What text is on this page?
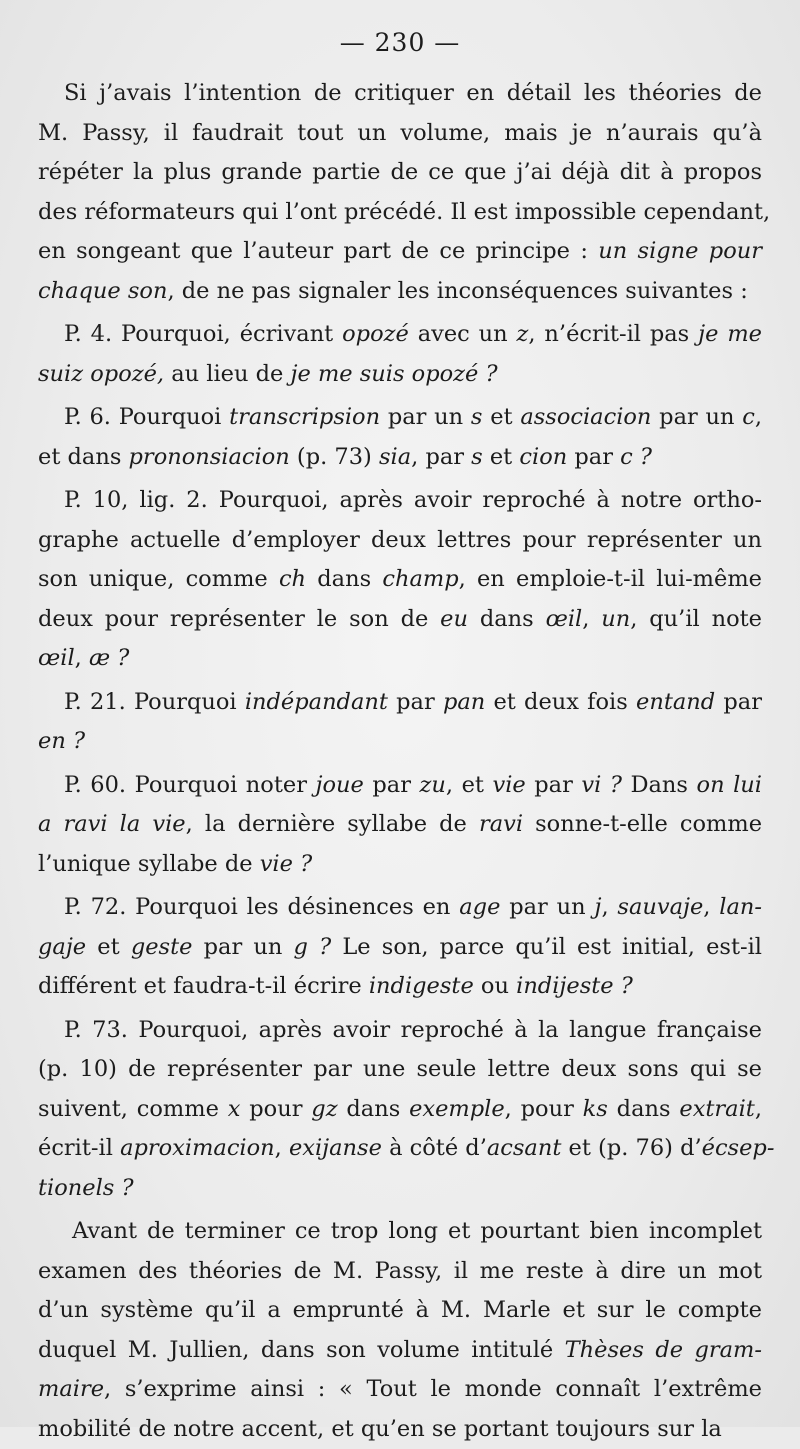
— 230 —
Si j’avais l’intention de critiquer en détail les théories de
M. Passy, il faudrait tout un volume, mais je n’aurais qu’à
répéter la plus grande partie de ce que j’ai déjà dit à propos
des réformateurs qui l’ont précédé. Il est impossible cependant,
en songeant que l’auteur part de ce principe : un signe pour
chaque son, de ne pas signaler les inconséquences suivantes :
P. 4. Pourquoi, écrivant opozé avec un z, n’écrit-il pas je me
suiz opozé, au lieu de je me suis opozé ?
P. 6. Pourquoi transcripsion par un s et associacion par un c,
et dans prononsiacion (p. 73) sia, par s et cion par c ?
P. 10, lig. 2. Pourquoi, après avoir reproché à notre ortho-
graphe actuelle d’employer deux lettres pour représenter un
son unique, comme ch dans champ, en emploie-t-il lui-même
deux pour représenter le son de eu dans œil, un, qu’il note
œil, æ ?
P. 21. Pourquoi indépandant par pan et deux fois entand par
en ?
P. 60. Pourquoi noter joue par zu, et vie par vi ? Dans on lui
a ravi la vie, la dernière syllabe de ravi sonne-t-elle comme
l’unique syllabe de vie ?
P. 72. Pourquoi les désinences en age par un j, sauvaje, lan-
gaje et geste par un g ? Le son, parce qu’il est initial, est-il
différent et faudra-t-il écrire indigeste ou indijeste ?
P. 73. Pourquoi, après avoir reproché à la langue française
(p. 10) de représenter par une seule lettre deux sons qui se
suivent, comme x pour gz dans exemple, pour ks dans extrait,
écrit-il aproximacion, exijanse à côté d’acsant et (p. 76) d’écsep-
tionels ?
Avant de terminer ce trop long et pourtant bien incomplet
examen des théories de M. Passy, il me reste à dire un mot
d’un système qu’il a emprunté à M. Marle et sur le compte
duquel M. Jullien, dans son volume intitulé Thèses de gram-
maire, s’exprime ainsi : « Tout le monde connaît l’extrême
mobilité de notre accent, et qu’en se portant toujours sur la
